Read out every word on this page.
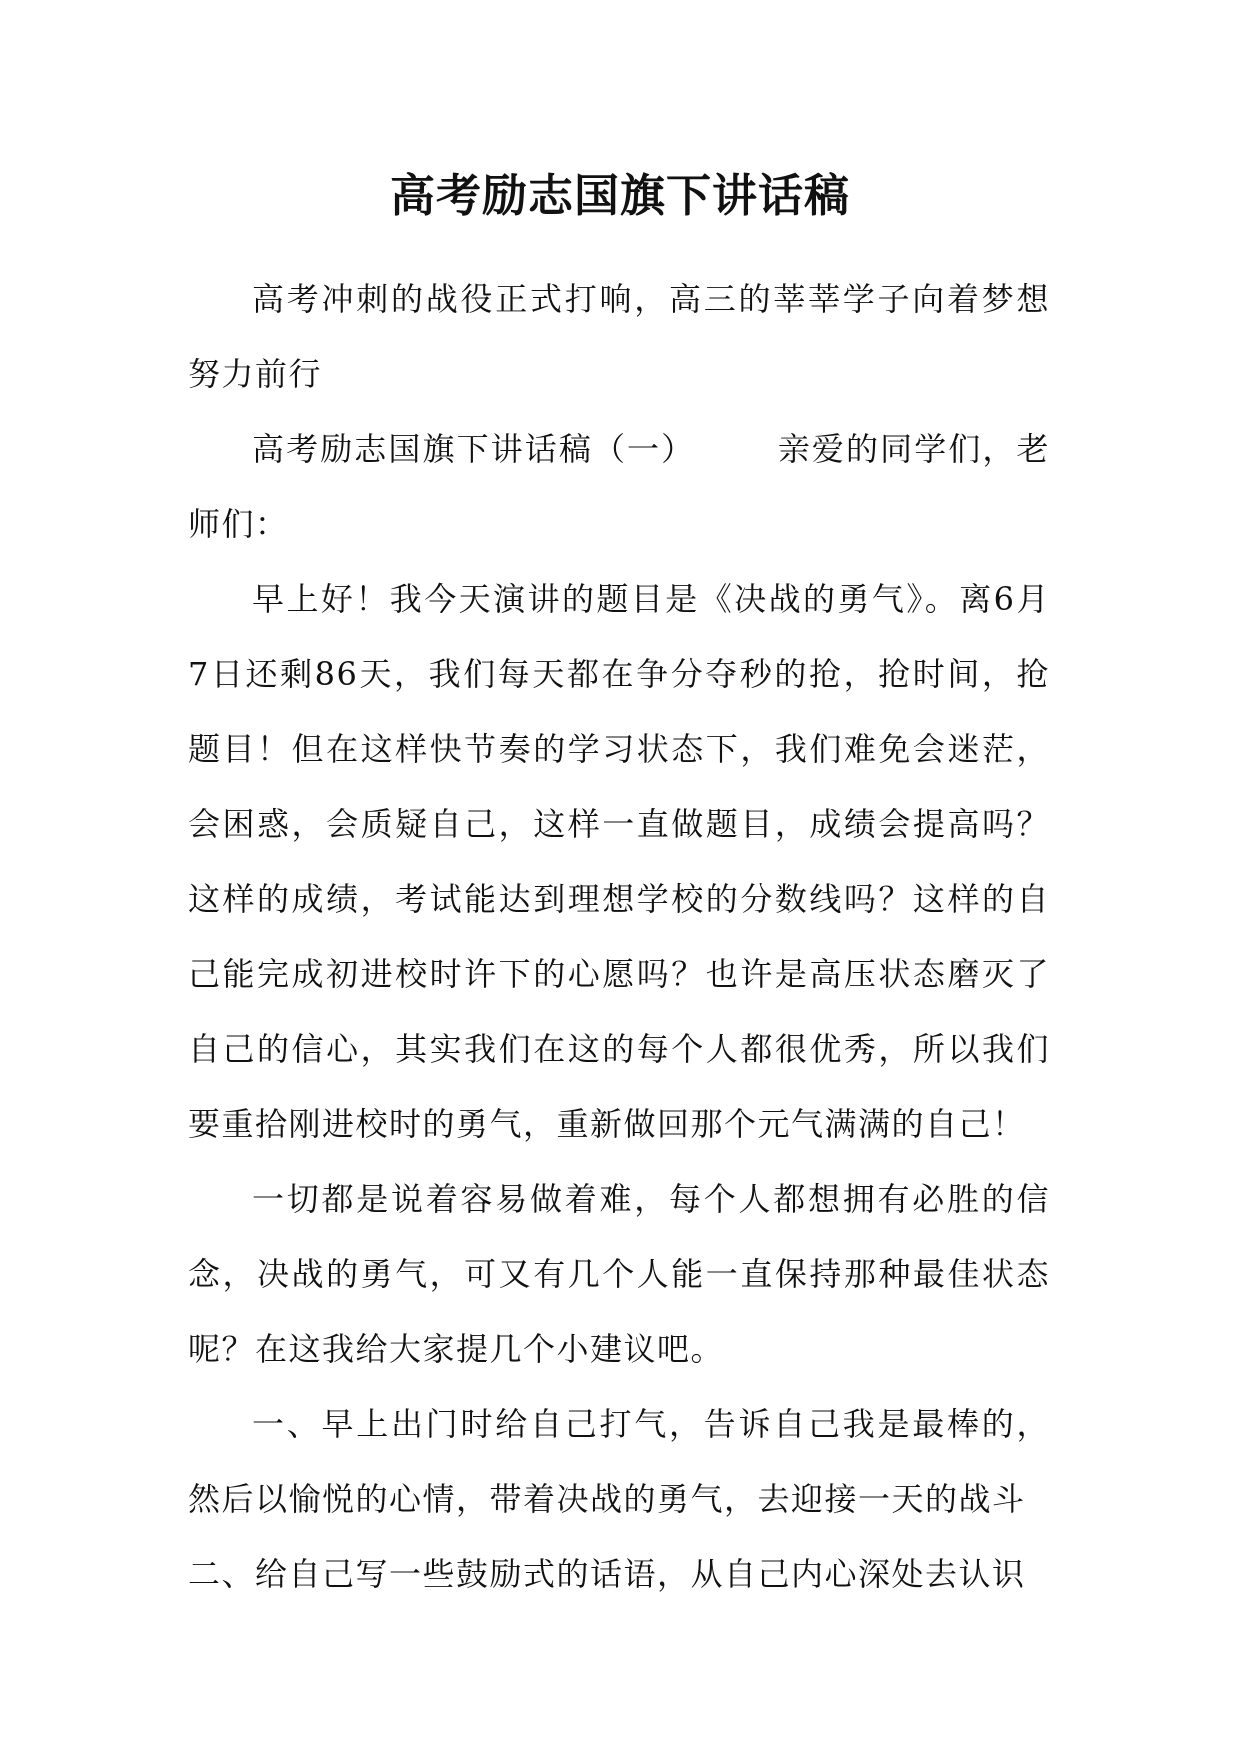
高考励志国旗下讲话稿

高考冲刺的战役正式打响，高三的莘莘学子向着梦想努力前行

高考励志国旗下讲话稿（一）	亲爱的同学们，老师们：

早上好！我今天演讲的题目是《决战的勇气》。离6月7日还剩86天，我们每天都在争分夺秒的抢，抢时间，抢题目！但在这样快节奏的学习状态下，我们难免会迷茫，会困惑，会质疑自己，这样一直做题目，成绩会提高吗？这样的成绩，考试能达到理想学校的分数线吗？这样的自己能完成初进校时许下的心愿吗？也许是高压状态磨灭了自己的信心，其实我们在这的每个人都很优秀，所以我们要重拾刚进校时的勇气，重新做回那个元气满满的自己！

一切都是说着容易做着难，每个人都想拥有必胜的信念，决战的勇气，可又有几个人能一直保持那种最佳状态呢？在这我给大家提几个小建议吧。

一、早上出门时给自己打气，告诉自己我是最棒的，然后以愉悦的心情，带着决战的勇气，去迎接一天的战斗

二、给自己写一些鼓励式的话语，从自己内心深处去认识
